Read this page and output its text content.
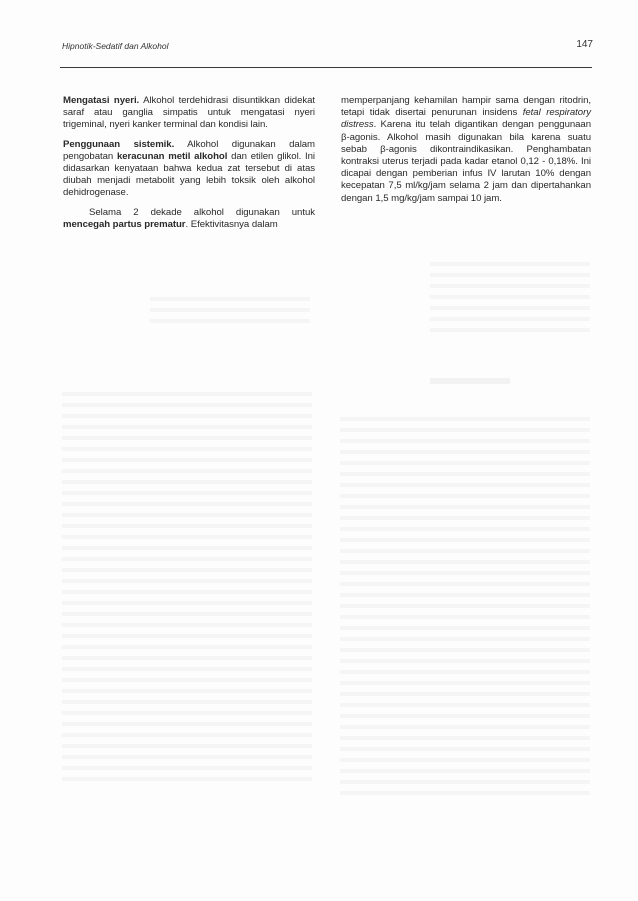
Hipnotik-Sedatif dan Alkohol	147

Mengatasi nyeri. Alkohol terdehidrasi disuntikkan didekat saraf atau ganglia simpatis untuk mengatasi nyeri trigeminal, nyeri kanker terminal dan kondisi lain.

Penggunaan sistemik. Alkohol digunakan dalam pengobatan keracunan metil alkohol dan etilen glikol. Ini didasarkan kenyataan bahwa kedua zat tersebut di atas diubah menjadi metabolit yang lebih toksik oleh alkohol dehidrogenase.

Selama 2 dekade alkohol digunakan untuk mencegah partus prematur. Efektivitasnya dalam

memperpanjang kehamilan hampir sama dengan ritodrin, tetapi tidak disertai penurunan insidens fetal respiratory distress. Karena itu telah digantikan dengan penggunaan β-agonis. Alkohol masih digunakan bila karena suatu sebab β-agonis dikontraindikasikan. Penghambatan kontraksi uterus terjadi pada kadar etanol 0,12 - 0,18%. Ini dicapai dengan pemberian infus IV larutan 10% dengan kecepatan 7,5 ml/kg/jam selama 2 jam dan dipertahankan dengan 1,5 mg/kg/jam sampai 10 jam.
